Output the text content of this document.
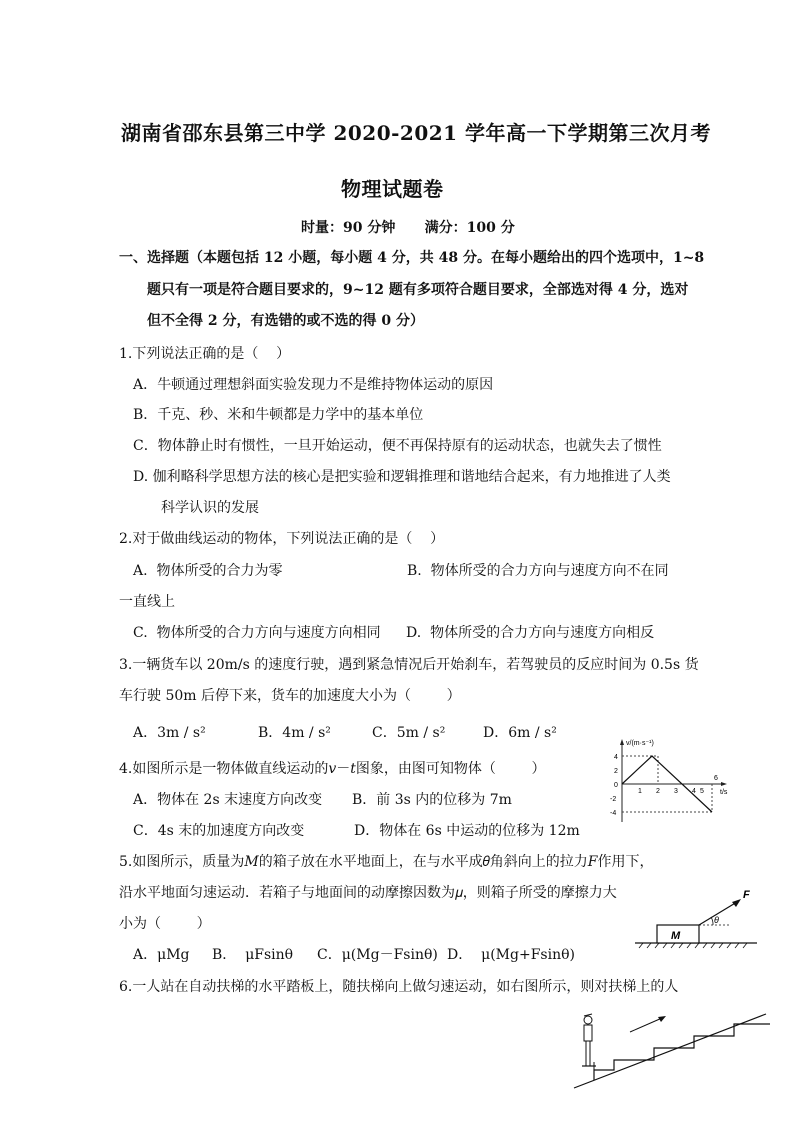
湖南省邵东县第三中学 2020-2021 学年高一下学期第三次月考
物理试题卷
时量：90 分钟      满分：100 分
一、选择题（本题包括 12 小题，每小题 4 分，共 48 分。在每小题给出的四个选项中，1~8
题只有一项是符合题目要求的，9~12 题有多项符合题目要求，全部选对得 4 分，选对
但不全得 2 分，有选错的或不选的得 0 分）
1.下列说法正确的是（    ）
A．牛顿通过理想斜面实验发现力不是维持物体运动的原因
B．千克、秒、米和牛顿都是力学中的基本单位
C．物体静止时有惯性，一旦开始运动，便不再保持原有的运动状态，也就失去了惯性
D. 伽利略科学思想方法的核心是把实验和逻辑推理和谐地结合起来，有力地推进了人类
科学认识的发展
2.对于做曲线运动的物体，下列说法正确的是（    ）
A.  物体所受的合力为零	B.  物体所受的合力方向与速度方向不在同
一直线上
C.  物体所受的合力方向与速度方向相同 D.  物体所受的合力方向与速度方向相反
3.一辆货车以 20m/s 的速度行驶，遇到紧急情况后开始刹车，若驾驶员的反应时间为 0.5s 货
车行驶 50m 后停下来，货车的加速度大小为（        ）
A．3m / s²	B．4m / s²	C．5m / s²	D．6m / s²
4.如图所示是一物体做直线运动的𝑣－𝑡图象，由图可知物体（        ）
A．物体在 2s 末速度方向改变 B．前 3s 内的位移为 7m
C．4s 末的加速度方向改变	D．物体在 6s 中运动的位移为 12m
v/(m·s⁻¹)
t/s
4
2
0
-2
-4
1 2 3 4 5
6
5.如图所示，质量为𝑀的箱子放在水平地面上，在与水平成𝜃角斜向上的拉力𝐹作用下，
沿水平地面匀速运动．若箱子与地面间的动摩擦因数为𝜇，则箱子所受的摩擦力大
小为（        ）
A．μMg B．  μFsinθ C．μ(Mg－Fsinθ) D．  μ(Mg+Fsinθ)
M
θ
F
6.一人站在自动扶梯的水平踏板上，随扶梯向上做匀速运动，如右图所示，则对扶梯上的人
